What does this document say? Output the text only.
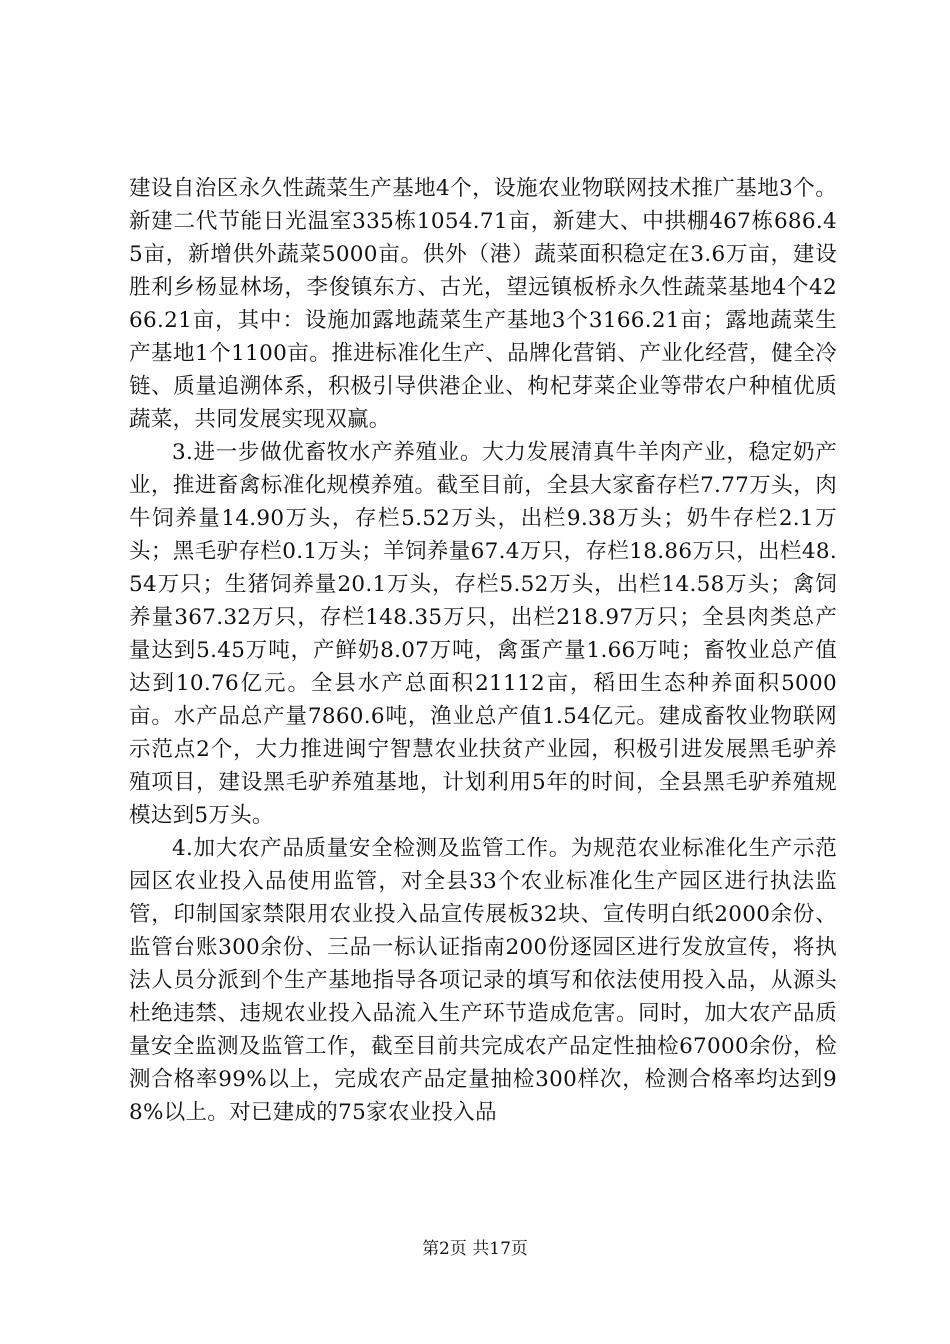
建设自治区永久性蔬菜生产基地4个，设施农业物联网技术推广基地3个。新建二代节能日光温室335栋1054.71亩，新建大、中拱棚467栋686.45亩，新增供外蔬菜5000亩。供外（港）蔬菜面积稳定在3.6万亩，建设胜利乡杨显林场，李俊镇东方、古光，望远镇板桥永久性蔬菜基地4个4266.21亩，其中：设施加露地蔬菜生产基地3个3166.21亩；露地蔬菜生产基地1个1100亩。推进标准化生产、品牌化营销、产业化经营，健全冷链、质量追溯体系，积极引导供港企业、枸杞芽菜企业等带农户种植优质蔬菜，共同发展实现双赢。

3.进一步做优畜牧水产养殖业。大力发展清真牛羊肉产业，稳定奶产业，推进畜禽标准化规模养殖。截至目前，全县大家畜存栏7.77万头，肉牛饲养量14.90万头，存栏5.52万头，出栏9.38万头；奶牛存栏2.1万头；黑毛驴存栏0.1万头；羊饲养量67.4万只，存栏18.86万只，出栏48.54万只；生猪饲养量20.1万头，存栏5.52万头，出栏14.58万头；禽饲养量367.32万只，存栏148.35万只，出栏218.97万只；全县肉类总产量达到5.45万吨，产鲜奶8.07万吨，禽蛋产量1.66万吨；畜牧业总产值达到10.76亿元。全县水产总面积21112亩，稻田生态种养面积5000亩。水产品总产量7860.6吨，渔业总产值1.54亿元。建成畜牧业物联网示范点2个，大力推进闽宁智慧农业扶贫产业园，积极引进发展黑毛驴养殖项目，建设黑毛驴养殖基地，计划利用5年的时间，全县黑毛驴养殖规模达到5万头。

4.加大农产品质量安全检测及监管工作。为规范农业标准化生产示范园区农业投入品使用监管，对全县33个农业标准化生产园区进行执法监管，印制国家禁限用农业投入品宣传展板32块、宣传明白纸2000余份、监管台账300余份、三品一标认证指南200份逐园区进行发放宣传，将执法人员分派到个生产基地指导各项记录的填写和依法使用投入品，从源头杜绝违禁、违规农业投入品流入生产环节造成危害。同时，加大农产品质量安全监测及监管工作，截至目前共完成农产品定性抽检67000余份，检测合格率99%以上，完成农产品定量抽检300样次，检测合格率均达到98%以上。对已建成的75家农业投入品

第2页 共17页
